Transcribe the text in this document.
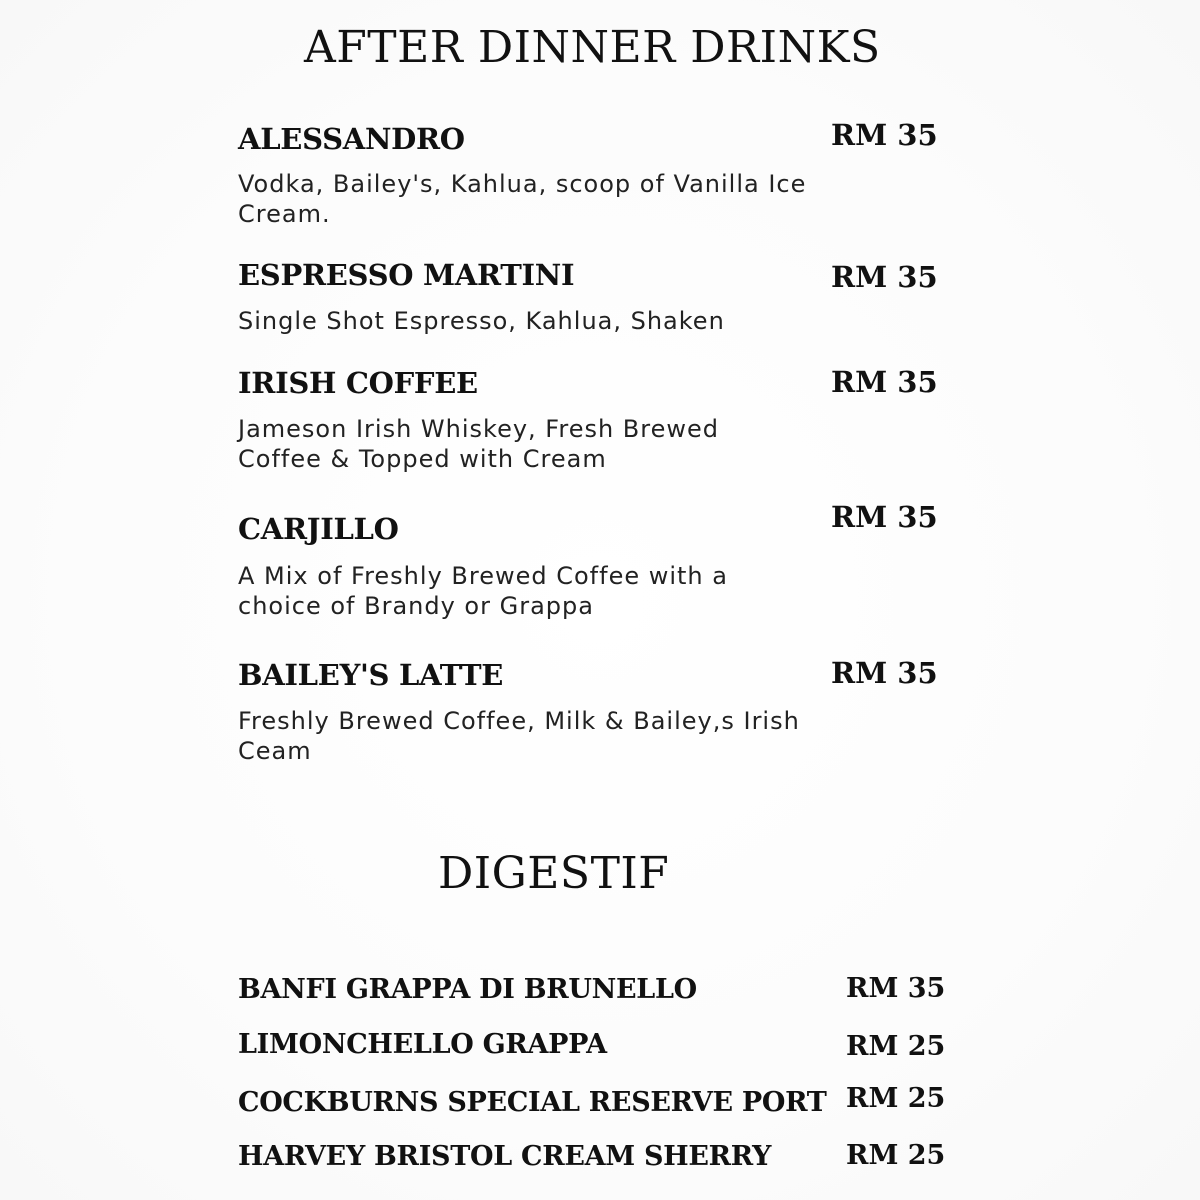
AFTER DINNER DRINKS
ALESSANDRO	RM 35
Vodka, Bailey's, Kahlua, scoop of Vanilla Ice Cream.
ESPRESSO MARTINI	RM 35
Single Shot Espresso, Kahlua, Shaken
IRISH COFFEE	RM 35
Jameson Irish Whiskey, Fresh Brewed Coffee & Topped with Cream
CARJILLO	RM 35
A Mix of Freshly Brewed Coffee with a choice of Brandy or Grappa
BAILEY'S LATTE	RM 35
Freshly Brewed Coffee, Milk & Bailey,s Irish Ceam
DIGESTIF
BANFI GRAPPA DI BRUNELLO	RM 35
LIMONCHELLO GRAPPA	RM 25
COCKBURNS SPECIAL RESERVE PORT RM 25
HARVEY BRISTOL CREAM SHERRY	RM 25
